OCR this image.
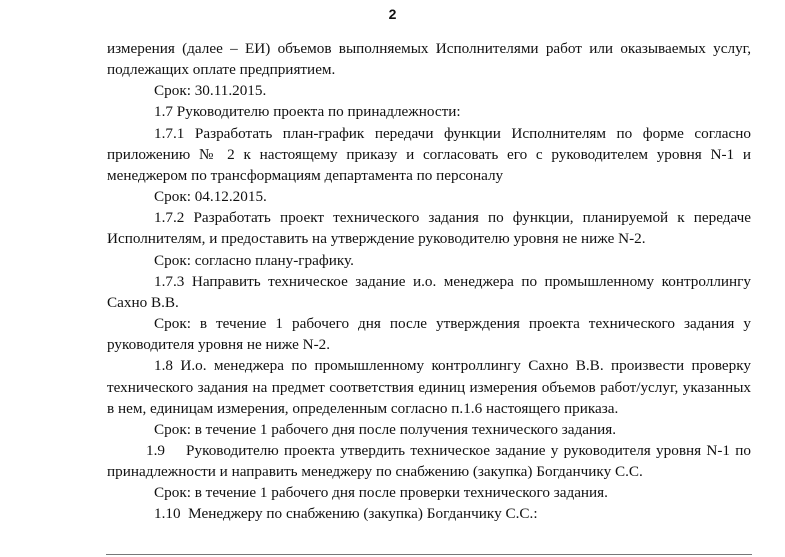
2

измерения (далее – ЕИ) объемов выполняемых Исполнителями работ или оказываемых услуг, подлежащих оплате предприятием.

Срок: 30.11.2015.

1.7 Руководителю проекта по принадлежности:

1.7.1 Разработать план-график передачи функции Исполнителям по форме согласно приложению № 2 к настоящему приказу и согласовать его с руководителем уровня N-1 и менеджером по трансформациям департамента по персоналу

Срок: 04.12.2015.

1.7.2 Разработать проект технического задания по функции, планируемой к передаче Исполнителям, и предоставить на утверждение руководителю уровня не ниже N-2.

Срок: согласно плану-графику.

1.7.3 Направить техническое задание и.о. менеджера по промышленному контроллингу Сахно В.В.

Срок: в течение 1 рабочего дня после утверждения проекта технического задания у руководителя уровня не ниже N-2.

1.8 И.о. менеджера по промышленному контроллингу Сахно В.В. произвести проверку технического задания на предмет соответствия единиц измерения объемов работ/услуг, указанных в нем, единицам измерения, определенным согласно п.1.6 настоящего приказа.

Срок: в течение 1 рабочего дня после получения технического задания.

1.9    Руководителю проекта утвердить техническое задание у руководителя уровня N-1 по принадлежности и направить менеджеру по снабжению (закупка) Богданчику С.С.

Срок: в течение 1 рабочего дня после проверки технического задания.

1.10  Менеджеру по снабжению (закупка) Богданчику С.С.:
